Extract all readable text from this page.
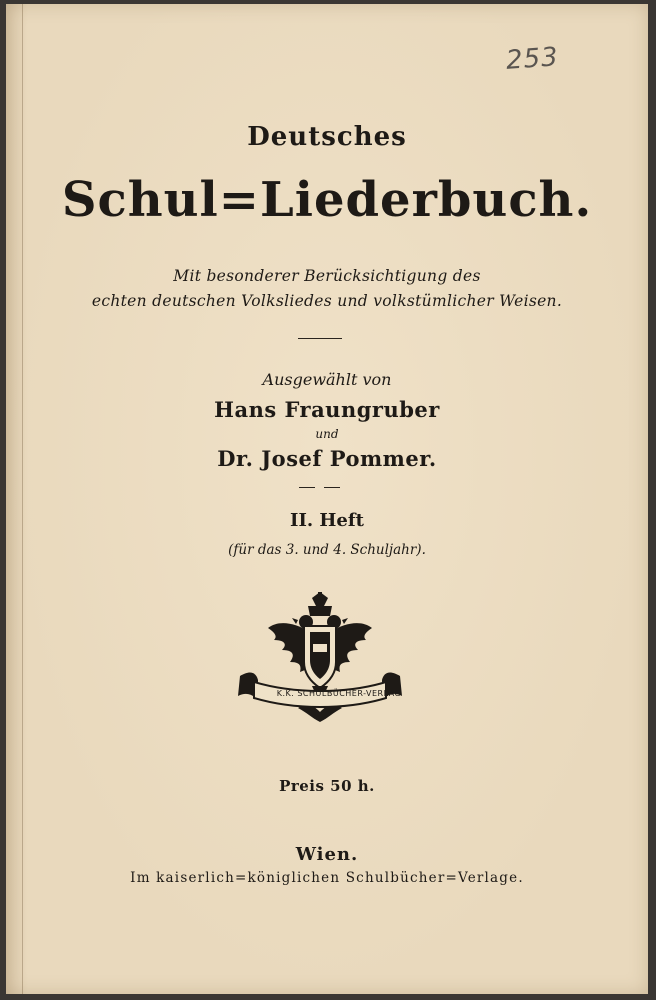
253
Deutsches
Schul=Liederbuch.
Mit besonderer Berücksichtigung des
echten deutschen Volksliedes und volkstümlicher Weisen.
Ausgewählt von
Hans Fraungruber
und
Dr. Josef Pommer.
II. Heft
(für das 3. und 4. Schuljahr).
K.K. SCHULBÜCHER-VERLAG
Preis 50 h.
Wien.
Im kaiserlich=königlichen Schulbücher=Verlage.
